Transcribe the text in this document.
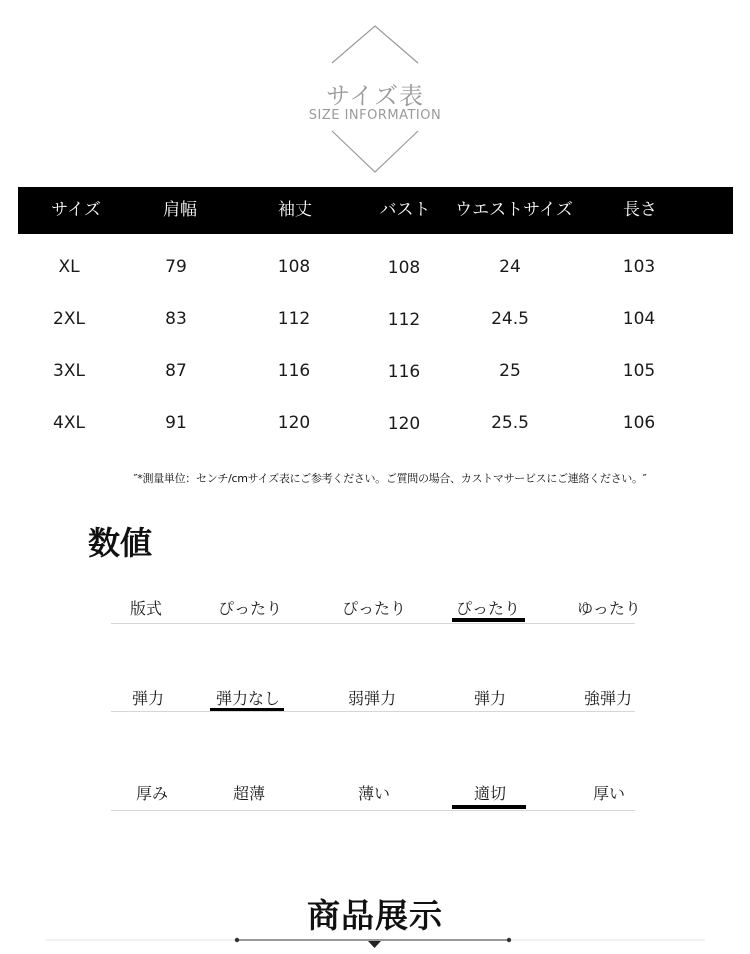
サイズ表
SIZE INFORMATION
サイズ	肩幅	袖丈	バスト ウエストサイズ	長さ
XL	79	108	108	24	103
2XL	83	112	112	24.5	104
3XL	87	116	116	25	105
4XL	91	120	120	25.5	106
″*測量単位：センチ/cmサイズ表にご参考ください。ご質問の場合、カストマサービスにご連絡ください。″
数値
版式	ぴったり	ぴったり	ぴったり	ゆったり
弾力	弾力なし	弱弾力	弾力	強弾力
厚み	超薄	薄い	適切	厚い
商品展示
